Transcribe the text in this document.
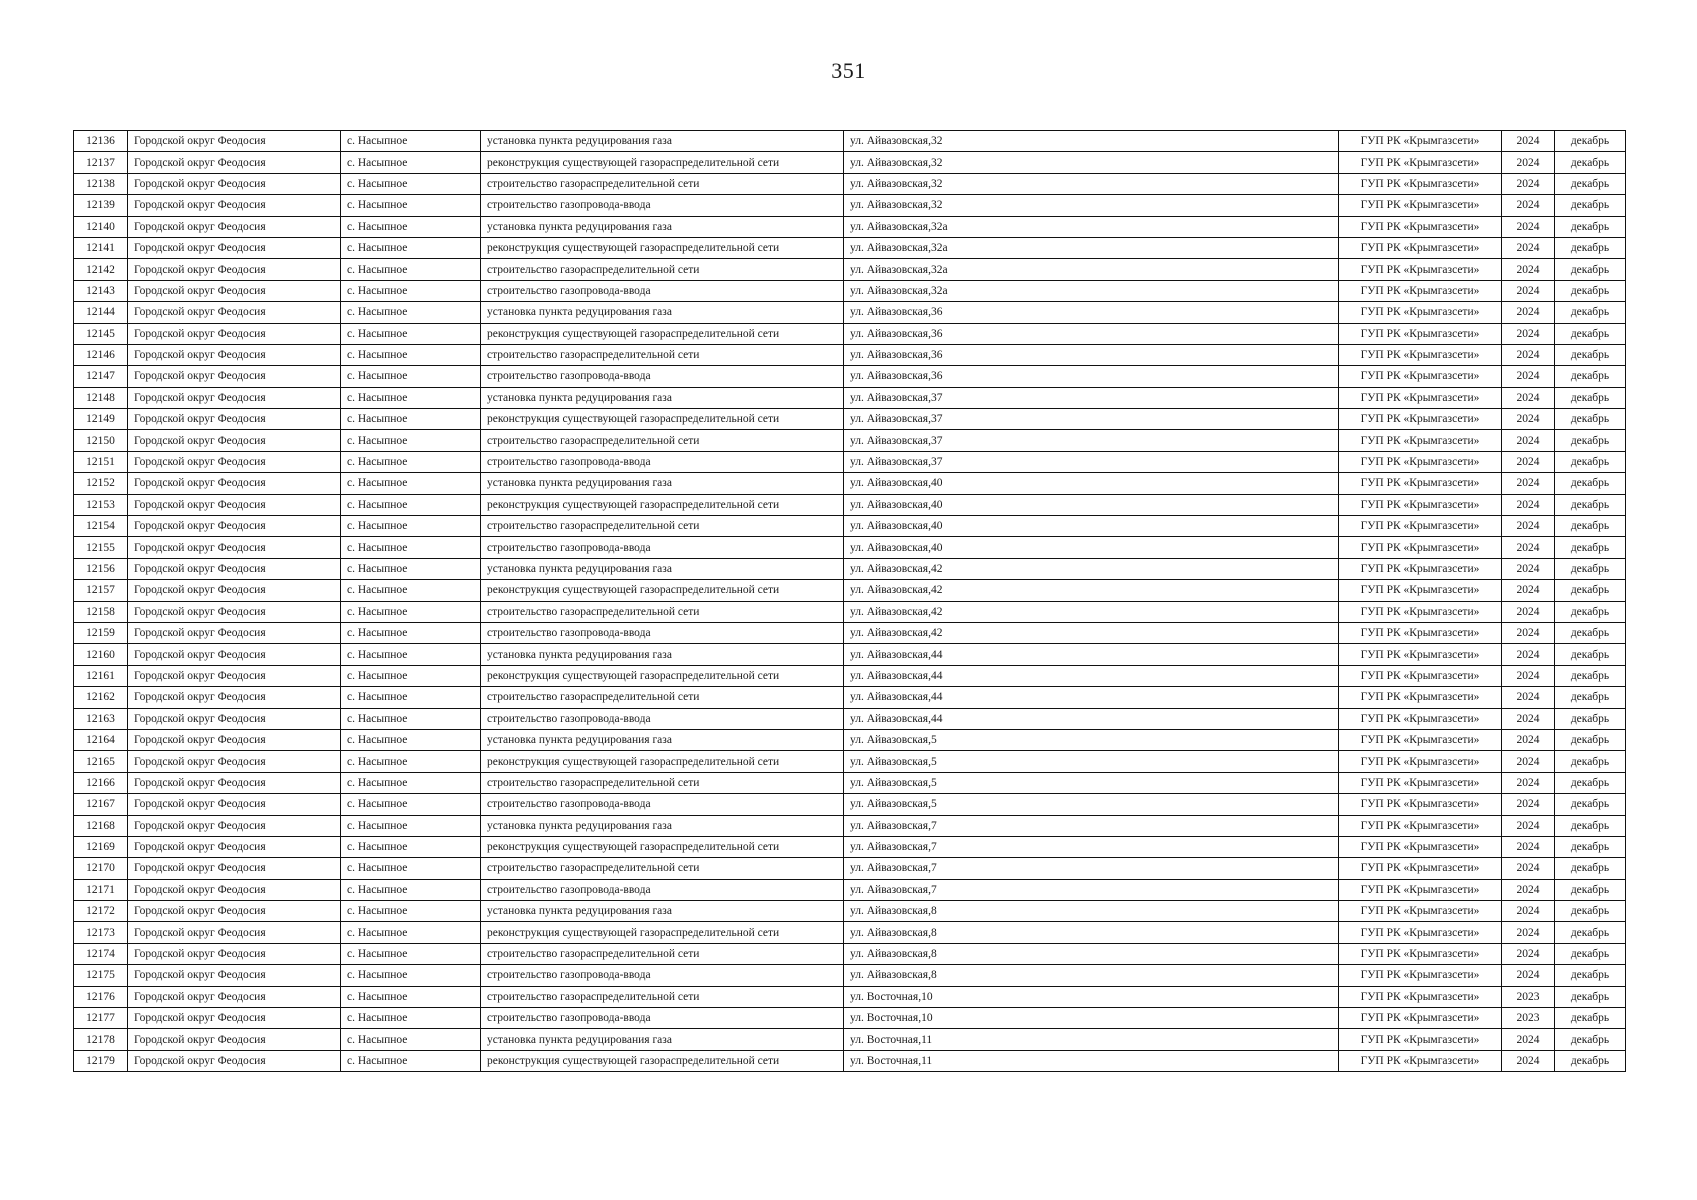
351
12136	Городской округ Феодосия	с. Насыпное	установка пункта редуцирования газа	ул. Айвазовская,32	ГУП РК «Крымгазсети»	2024	декабрь
12137	Городской округ Феодосия	с. Насыпное	реконструкция существующей газораспределительной сети	ул. Айвазовская,32	ГУП РК «Крымгазсети»	2024	декабрь
12138	Городской округ Феодосия	с. Насыпное	строительство газораспределительной сети	ул. Айвазовская,32	ГУП РК «Крымгазсети»	2024	декабрь
12139	Городской округ Феодосия	с. Насыпное	строительство газопровода-ввода	ул. Айвазовская,32	ГУП РК «Крымгазсети»	2024	декабрь
12140	Городской округ Феодосия	с. Насыпное	установка пункта редуцирования газа	ул. Айвазовская,32а	ГУП РК «Крымгазсети»	2024	декабрь
12141	Городской округ Феодосия	с. Насыпное	реконструкция существующей газораспределительной сети	ул. Айвазовская,32а	ГУП РК «Крымгазсети»	2024	декабрь
12142	Городской округ Феодосия	с. Насыпное	строительство газораспределительной сети	ул. Айвазовская,32а	ГУП РК «Крымгазсети»	2024	декабрь
12143	Городской округ Феодосия	с. Насыпное	строительство газопровода-ввода	ул. Айвазовская,32а	ГУП РК «Крымгазсети»	2024	декабрь
12144	Городской округ Феодосия	с. Насыпное	установка пункта редуцирования газа	ул. Айвазовская,36	ГУП РК «Крымгазсети»	2024	декабрь
12145	Городской округ Феодосия	с. Насыпное	реконструкция существующей газораспределительной сети	ул. Айвазовская,36	ГУП РК «Крымгазсети»	2024	декабрь
12146	Городской округ Феодосия	с. Насыпное	строительство газораспределительной сети	ул. Айвазовская,36	ГУП РК «Крымгазсети»	2024	декабрь
12147	Городской округ Феодосия	с. Насыпное	строительство газопровода-ввода	ул. Айвазовская,36	ГУП РК «Крымгазсети»	2024	декабрь
12148	Городской округ Феодосия	с. Насыпное	установка пункта редуцирования газа	ул. Айвазовская,37	ГУП РК «Крымгазсети»	2024	декабрь
12149	Городской округ Феодосия	с. Насыпное	реконструкция существующей газораспределительной сети	ул. Айвазовская,37	ГУП РК «Крымгазсети»	2024	декабрь
12150	Городской округ Феодосия	с. Насыпное	строительство газораспределительной сети	ул. Айвазовская,37	ГУП РК «Крымгазсети»	2024	декабрь
12151	Городской округ Феодосия	с. Насыпное	строительство газопровода-ввода	ул. Айвазовская,37	ГУП РК «Крымгазсети»	2024	декабрь
12152	Городской округ Феодосия	с. Насыпное	установка пункта редуцирования газа	ул. Айвазовская,40	ГУП РК «Крымгазсети»	2024	декабрь
12153	Городской округ Феодосия	с. Насыпное	реконструкция существующей газораспределительной сети	ул. Айвазовская,40	ГУП РК «Крымгазсети»	2024	декабрь
12154	Городской округ Феодосия	с. Насыпное	строительство газораспределительной сети	ул. Айвазовская,40	ГУП РК «Крымгазсети»	2024	декабрь
12155	Городской округ Феодосия	с. Насыпное	строительство газопровода-ввода	ул. Айвазовская,40	ГУП РК «Крымгазсети»	2024	декабрь
12156	Городской округ Феодосия	с. Насыпное	установка пункта редуцирования газа	ул. Айвазовская,42	ГУП РК «Крымгазсети»	2024	декабрь
12157	Городской округ Феодосия	с. Насыпное	реконструкция существующей газораспределительной сети	ул. Айвазовская,42	ГУП РК «Крымгазсети»	2024	декабрь
12158	Городской округ Феодосия	с. Насыпное	строительство газораспределительной сети	ул. Айвазовская,42	ГУП РК «Крымгазсети»	2024	декабрь
12159	Городской округ Феодосия	с. Насыпное	строительство газопровода-ввода	ул. Айвазовская,42	ГУП РК «Крымгазсети»	2024	декабрь
12160	Городской округ Феодосия	с. Насыпное	установка пункта редуцирования газа	ул. Айвазовская,44	ГУП РК «Крымгазсети»	2024	декабрь
12161	Городской округ Феодосия	с. Насыпное	реконструкция существующей газораспределительной сети	ул. Айвазовская,44	ГУП РК «Крымгазсети»	2024	декабрь
12162	Городской округ Феодосия	с. Насыпное	строительство газораспределительной сети	ул. Айвазовская,44	ГУП РК «Крымгазсети»	2024	декабрь
12163	Городской округ Феодосия	с. Насыпное	строительство газопровода-ввода	ул. Айвазовская,44	ГУП РК «Крымгазсети»	2024	декабрь
12164	Городской округ Феодосия	с. Насыпное	установка пункта редуцирования газа	ул. Айвазовская,5	ГУП РК «Крымгазсети»	2024	декабрь
12165	Городской округ Феодосия	с. Насыпное	реконструкция существующей газораспределительной сети	ул. Айвазовская,5	ГУП РК «Крымгазсети»	2024	декабрь
12166	Городской округ Феодосия	с. Насыпное	строительство газораспределительной сети	ул. Айвазовская,5	ГУП РК «Крымгазсети»	2024	декабрь
12167	Городской округ Феодосия	с. Насыпное	строительство газопровода-ввода	ул. Айвазовская,5	ГУП РК «Крымгазсети»	2024	декабрь
12168	Городской округ Феодосия	с. Насыпное	установка пункта редуцирования газа	ул. Айвазовская,7	ГУП РК «Крымгазсети»	2024	декабрь
12169	Городской округ Феодосия	с. Насыпное	реконструкция существующей газораспределительной сети	ул. Айвазовская,7	ГУП РК «Крымгазсети»	2024	декабрь
12170	Городской округ Феодосия	с. Насыпное	строительство газораспределительной сети	ул. Айвазовская,7	ГУП РК «Крымгазсети»	2024	декабрь
12171	Городской округ Феодосия	с. Насыпное	строительство газопровода-ввода	ул. Айвазовская,7	ГУП РК «Крымгазсети»	2024	декабрь
12172	Городской округ Феодосия	с. Насыпное	установка пункта редуцирования газа	ул. Айвазовская,8	ГУП РК «Крымгазсети»	2024	декабрь
12173	Городской округ Феодосия	с. Насыпное	реконструкция существующей газораспределительной сети	ул. Айвазовская,8	ГУП РК «Крымгазсети»	2024	декабрь
12174	Городской округ Феодосия	с. Насыпное	строительство газораспределительной сети	ул. Айвазовская,8	ГУП РК «Крымгазсети»	2024	декабрь
12175	Городской округ Феодосия	с. Насыпное	строительство газопровода-ввода	ул. Айвазовская,8	ГУП РК «Крымгазсети»	2024	декабрь
12176	Городской округ Феодосия	с. Насыпное	строительство газораспределительной сети	ул. Восточная,10	ГУП РК «Крымгазсети»	2023	декабрь
12177	Городской округ Феодосия	с. Насыпное	строительство газопровода-ввода	ул. Восточная,10	ГУП РК «Крымгазсети»	2023	декабрь
12178	Городской округ Феодосия	с. Насыпное	установка пункта редуцирования газа	ул. Восточная,11	ГУП РК «Крымгазсети»	2024	декабрь
12179	Городской округ Феодосия	с. Насыпное	реконструкция существующей газораспределительной сети	ул. Восточная,11	ГУП РК «Крымгазсети»	2024	декабрь
